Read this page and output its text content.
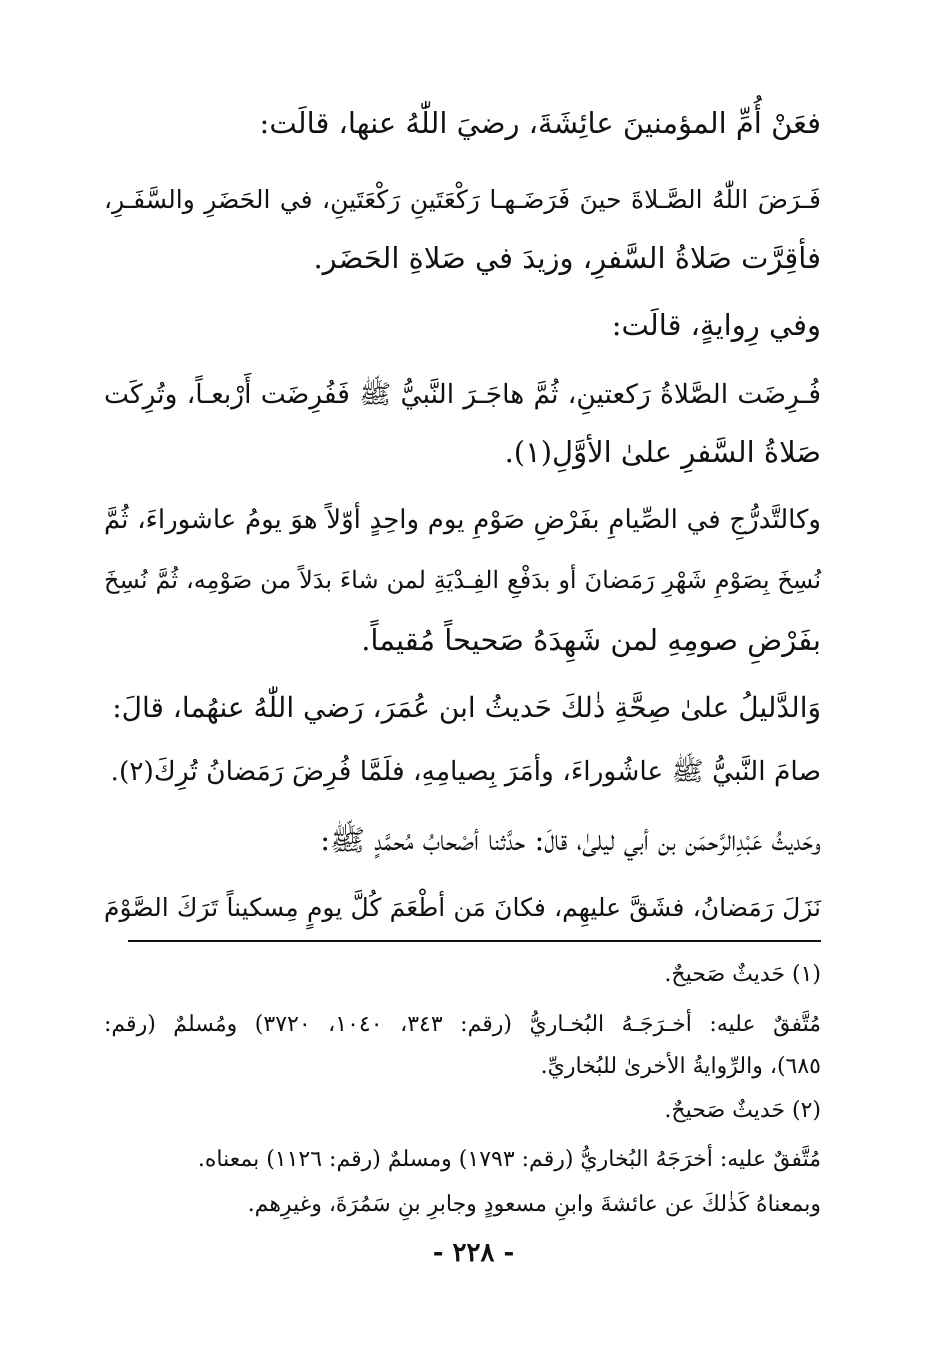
فعَنْ أُمِّ المؤمنينَ عائِشَةَ، رضيَ اللّٰهُ عنها، قالَت:
فَـرَضَ اللّٰهُ الصَّـلاةَ حينَ فَرَضَـهـا رَكْعَتَينِ رَكْعَتَينِ، في الحَضَرِ والسَّفَـرِ،
فأقِرَّت صَلاةُ السَّفرِ، وزيدَ في صَلاةِ الحَضَر.
وفي رِوايةٍ، قالَت:
فُـرِضَت الصَّلاةُ رَكعتينِ، ثُمَّ هاجَـرَ النَّبيُّ ﷺ فَفُرِضَت أَرْبعـاً، وتُرِكَت
صَلاةُ السَّفرِ علىٰ الأوَّلِ(١).
وكالتَّدرُّجِ في الصِّيامِ بفَرْضِ صَوْمِ يوم واحِدٍ أوّلاً هوَ يومُ عاشوراءَ، ثُمَّ
نُسِخَ بِصَوْمِ شَهْرِ رَمَضانَ أو بدَفْعِ الفِـدْيَةِ لمن شاءَ بدَلاً من صَوْمِه، ثُمَّ نُسِخَ
بفَرْضِ صومِهِ لمن شَهِدَهُ صَحيحاً مُقيماً.
وَالدَّليلُ علىٰ صِحَّةِ ذٰلكَ حَديثُ ابن عُمَرَ، رَضي اللّٰهُ عنهُما، قالَ:
صامَ النَّبيُّ ﷺ عاشُوراءَ، وأمَرَ بِصيامِهِ، فلَمَّا فُرِضَ رَمَضانُ تُرِكَ(٢).
وحَديثُ عَبْدِالرَّحمَن بن أبي ليلىٰ، قالَ: حدَّثنا أصْحابُ مُحمَّدٍ ﷺ:
نَزَلَ رَمَضانُ، فشَقَّ عليهِم، فكانَ مَن أطْعَمَ كُلَّ يومٍ مِسكيناً تَرَكَ الصَّوْمَ
(١) حَديثٌ صَحيحٌ.
مُتَّفقٌ عليه: أخـرَجَـهُ البُخـاريُّ (رقم: ٣٤٣، ١٠٤٠، ٣٧٢٠) ومُسلمٌ (رقم:
٦٨٥)، والرِّوايةُ الأخرىٰ للبُخاريِّ.
(٢) حَديثٌ صَحيحٌ.
مُتَّفقٌ عليه: أخرَجَهُ البُخاريُّ (رقم: ١٧٩٣) ومسلمٌ (رقم: ١١٢٦) بمعناه.
وبمعناهُ كَذٰلكَ عن عائشةَ وابنِ مسعودٍ وجابرِ بنِ سَمُرَةَ، وغيرِهم.
- ٢٢٨ -
